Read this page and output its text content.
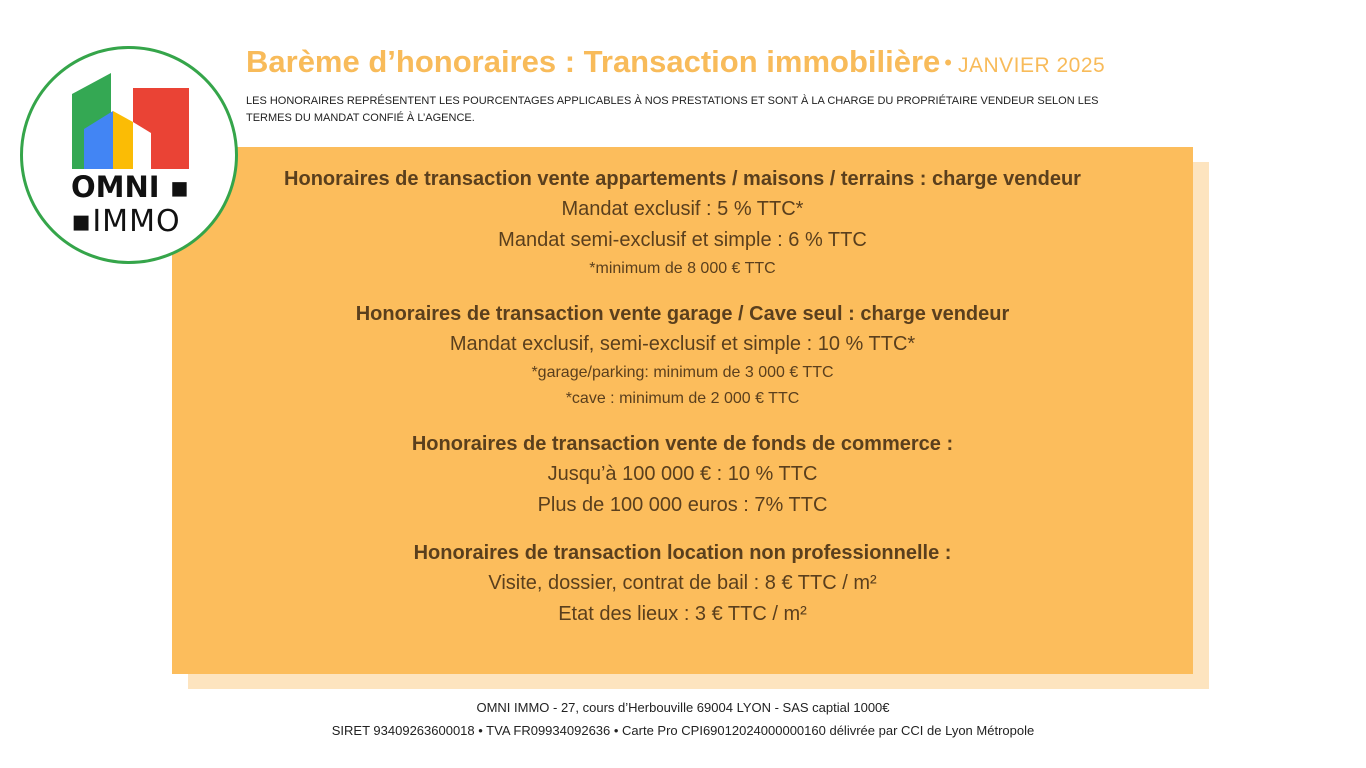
OMNI ▪
▪IMMO
Barème d’honoraires : Transaction immobilière • JANVIER 2025
LES HONORAIRES REPRÉSENTENT LES POURCENTAGES APPLICABLES À NOS PRESTATIONS ET SONT À LA CHARGE DU PROPRIÉTAIRE VENDEUR SELON LES TERMES DU MANDAT CONFIÉ À L’AGENCE.
Honoraires de transaction vente appartements / maisons / terrains : charge vendeur
Mandat exclusif : 5 % TTC*
Mandat semi-exclusif et simple : 6 % TTC
*minimum de 8 000 € TTC
Honoraires de transaction vente garage / Cave seul : charge vendeur
Mandat exclusif, semi-exclusif et simple : 10 % TTC*
*garage/parking: minimum de 3 000 € TTC
*cave : minimum de 2 000 € TTC
Honoraires de transaction vente de fonds de commerce :
Jusqu’à 100 000 € : 10 % TTC
Plus de 100 000 euros : 7% TTC
Honoraires de transaction location non professionnelle :
Visite, dossier, contrat de bail : 8 € TTC / m²
Etat des lieux : 3 € TTC / m²
OMNI IMMO - 27, cours d’Herbouville 69004 LYON - SAS captial 1000€
SIRET 93409263600018 • TVA FR09934092636 • Carte Pro CPI69012024000000160 délivrée par CCI de Lyon Métropole
